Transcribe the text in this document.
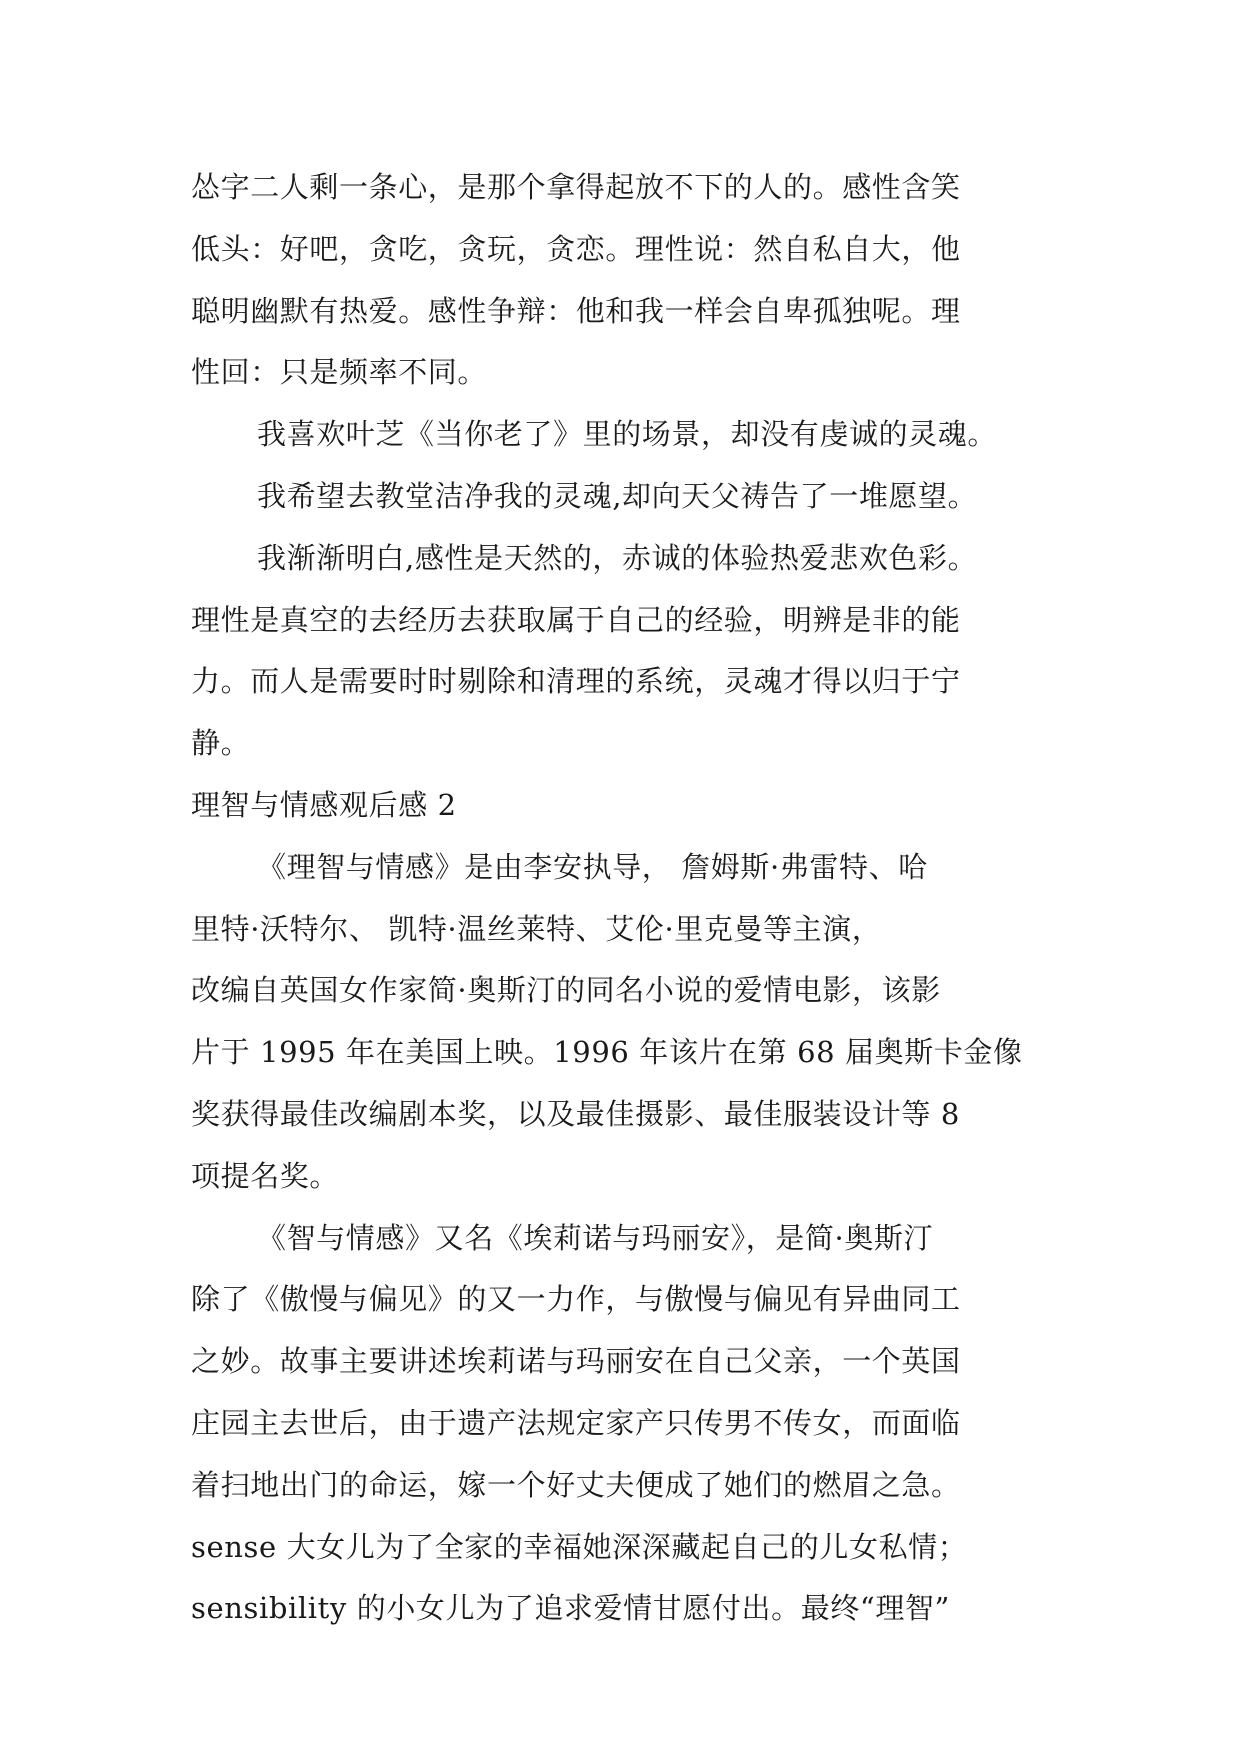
怂字二人剩一条心，是那个拿得起放不下的人的。感性含笑
低头：好吧，贪吃，贪玩，贪恋。理性说：然自私自大，他
聪明幽默有热爱。感性争辩：他和我一样会自卑孤独呢。理
性回：只是频率不同。
我喜欢叶芝《当你老了》里的场景，却没有虔诚的灵魂。
我希望去教堂洁净我的灵魂,却向天父祷告了一堆愿望。
我渐渐明白,感性是天然的，赤诚的体验热爱悲欢色彩。
理性是真空的去经历去获取属于自己的经验，明辨是非的能
力。而人是需要时时剔除和清理的系统，灵魂才得以归于宁
静。
理智与情感观后感 2
《理智与情感》是由李安执导， 詹姆斯·弗雷特、哈
里特·沃特尔、 凯特·温丝莱特、艾伦·里克曼等主演，
改编自英国女作家简·奥斯汀的同名小说的爱情电影，该影
片于 1995 年在美国上映。1996 年该片在第 68 届奥斯卡金像
奖获得最佳改编剧本奖，以及最佳摄影、最佳服装设计等 8
项提名奖。
《智与情感》又名《埃莉诺与玛丽安》，是简·奥斯汀
除了《傲慢与偏见》的又一力作，与傲慢与偏见有异曲同工
之妙。故事主要讲述埃莉诺与玛丽安在自己父亲，一个英国
庄园主去世后，由于遗产法规定家产只传男不传女，而面临
着扫地出门的命运，嫁一个好丈夫便成了她们的燃眉之急。
sense 大女儿为了全家的幸福她深深藏起自己的儿女私情；
sensibility 的小女儿为了追求爱情甘愿付出。最终“理智”
